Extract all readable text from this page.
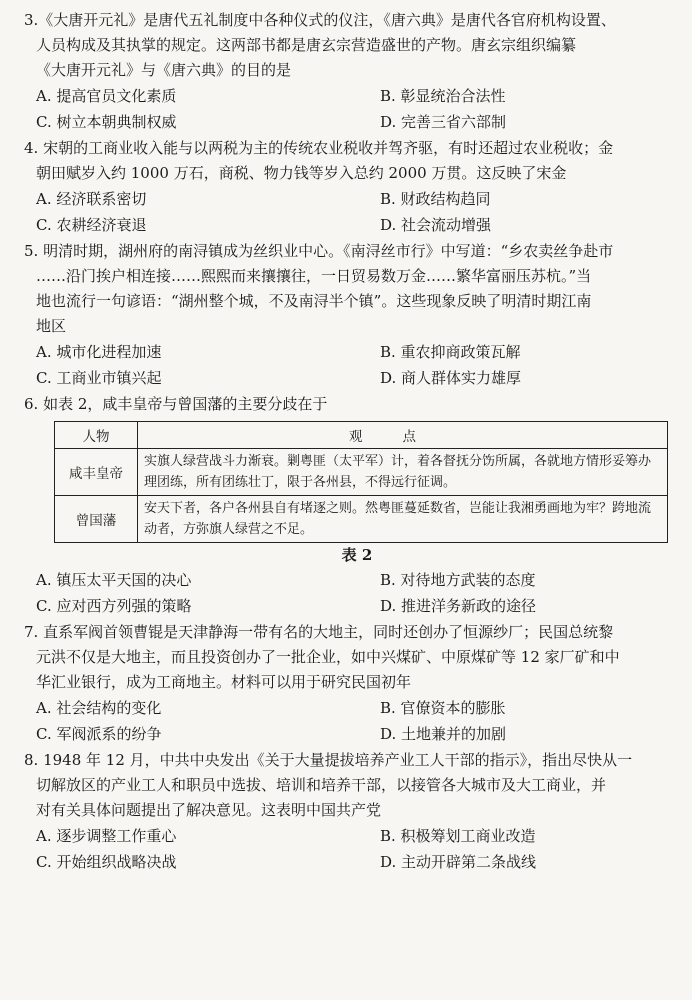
3.《大唐开元礼》是唐代五礼制度中各种仪式的仪注，《唐六典》是唐代各官府机构设置、

人员构成及其执掌的规定。这两部书都是唐玄宗营造盛世的产物。唐玄宗组织编纂

《大唐开元礼》与《唐六典》的目的是

A. 提高官员文化素质	B. 彰显统治合法性
C. 树立本朝典制权威	D. 完善三省六部制

4. 宋朝的工商业收入能与以两税为主的传统农业税收并驾齐驱，有时还超过农业税收；金

朝田赋岁入约 1000 万石，商税、物力钱等岁入总约 2000 万贯。这反映了宋金

A. 经济联系密切	B. 财政结构趋同
C. 农耕经济衰退	D. 社会流动增强

5. 明清时期，湖州府的南浔镇成为丝织业中心。《南浔丝市行》中写道：“乡农卖丝争赴市

……沿门挨户相连接……熙熙而来攘攘往，一日贸易数万金……繁华富丽压苏杭。”当

地也流行一句谚语：“湖州整个城，不及南浔半个镇”。这些现象反映了明清时期江南

地区

A. 城市化进程加速	B. 重农抑商政策瓦解
C. 工商业市镇兴起	D. 商人群体实力雄厚

6. 如表 2，咸丰皇帝与曾国藩的主要分歧在于

人物	观点
咸丰皇帝	实旗人绿营战斗力渐衰。剿粤匪（太平军）计，着各督抚分饬所属，各就地方情形妥筹办理团练，所有团练壮丁，限于各州县，不得远行征调。
曾国藩	安天下者，各户各州县自有堵逐之则。然粤匪蔓延数省，岂能让我湘勇画地为牢？跨地流动者，方弥旗人绿营之不足。
表 2
A. 镇压太平天国的决心	B. 对待地方武装的态度
C. 应对西方列强的策略	D. 推进洋务新政的途径

7. 直系军阀首领曹锟是天津静海一带有名的大地主，同时还创办了恒源纱厂；民国总统黎

元洪不仅是大地主，而且投资创办了一批企业，如中兴煤矿、中原煤矿等 12 家厂矿和中

华汇业银行，成为工商地主。材料可以用于研究民国初年

A. 社会结构的变化	B. 官僚资本的膨胀
C. 军阀派系的纷争	D. 土地兼并的加剧

8. 1948 年 12 月，中共中央发出《关于大量提拔培养产业工人干部的指示》，指出尽快从一

切解放区的产业工人和职员中选拔、培训和培养干部，以接管各大城市及大工商业，并

对有关具体问题提出了解决意见。这表明中国共产党

A. 逐步调整工作重心	B. 积极筹划工商业改造
C. 开始组织战略决战	D. 主动开辟第二条战线
